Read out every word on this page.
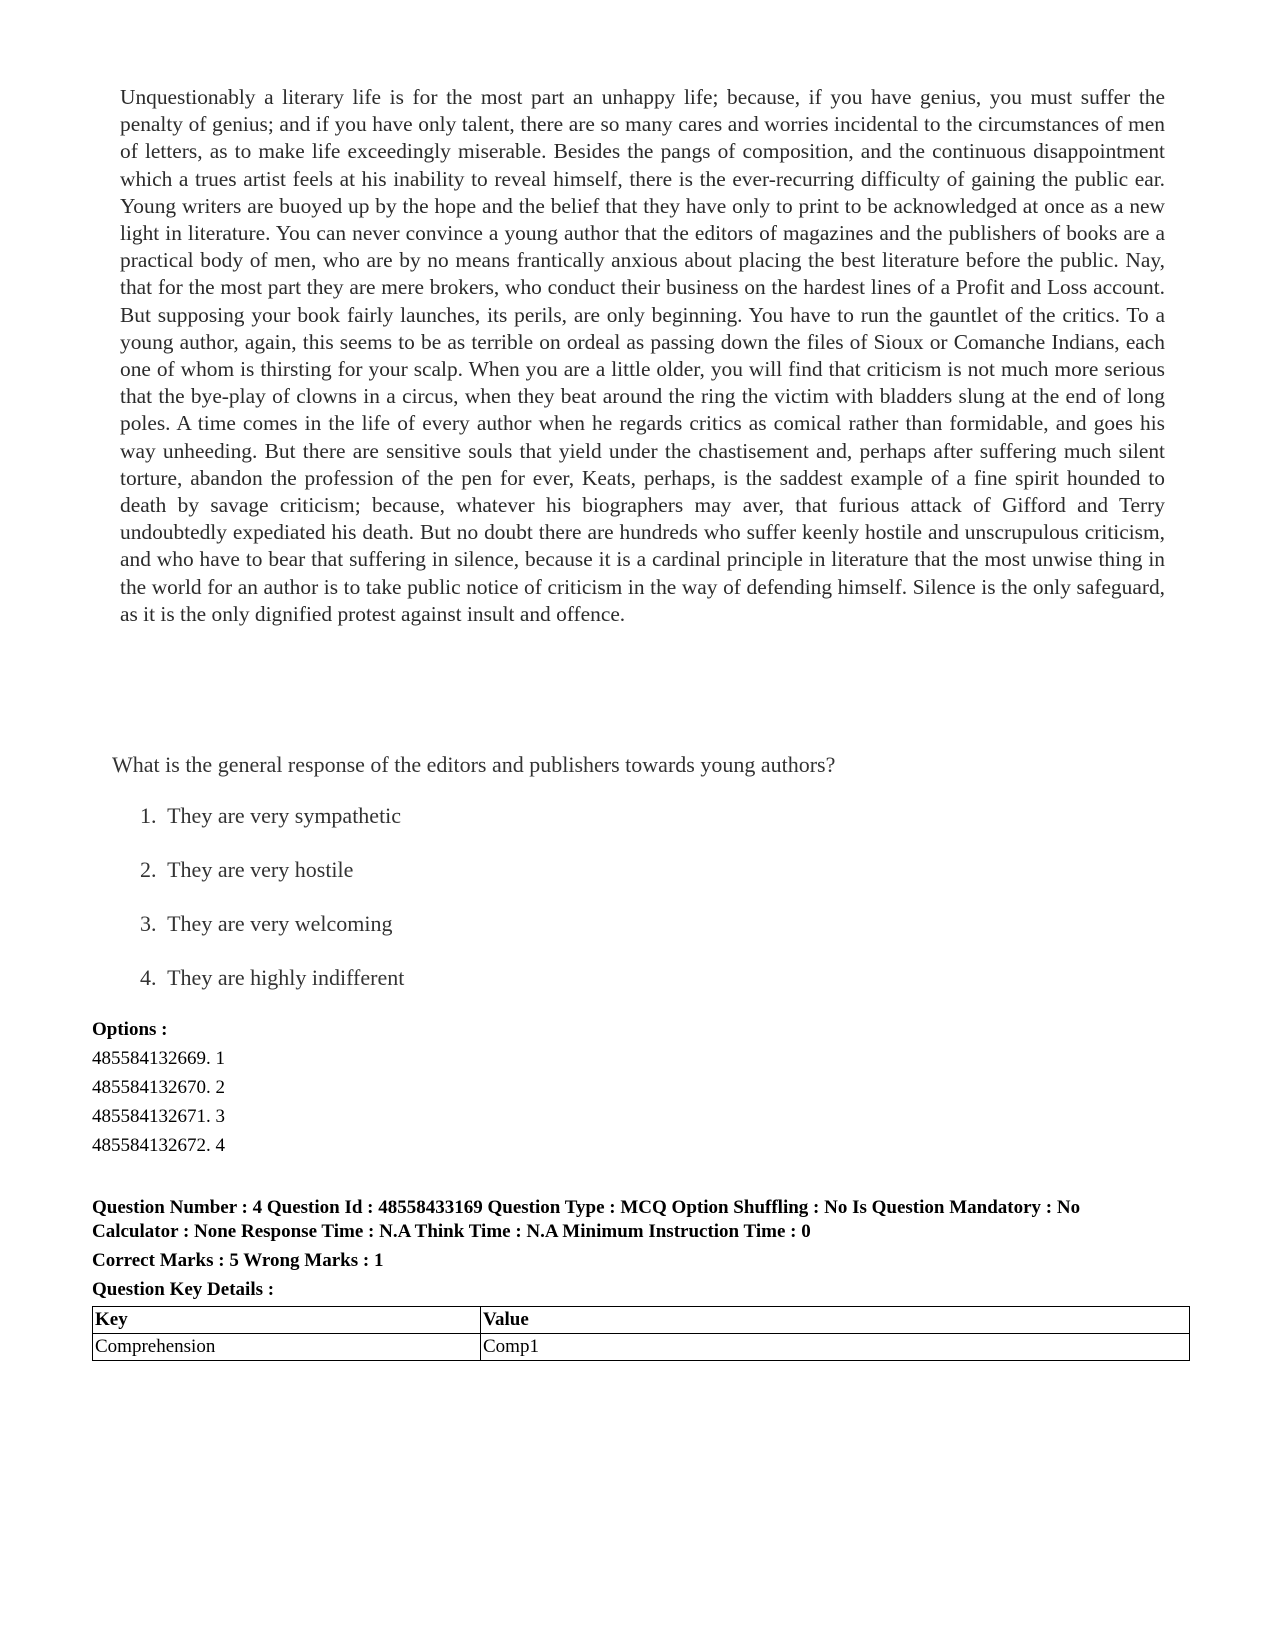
Unquestionably a literary life is for the most part an unhappy life; because, if you have genius, you must suffer the penalty of genius; and if you have only talent, there are so many cares and worries incidental to the circumstances of men of letters, as to make life exceedingly miserable. Besides the pangs of composition, and the continuous disappointment which a trues artist feels at his inability to reveal himself, there is the ever-recurring difficulty of gaining the public ear. Young writers are buoyed up by the hope and the belief that they have only to print to be acknowledged at once as a new light in literature. You can never convince a young author that the editors of magazines and the publishers of books are a practical body of men, who are by no means frantically anxious about placing the best literature before the public. Nay, that for the most part they are mere brokers, who conduct their business on the hardest lines of a Profit and Loss account. But supposing your book fairly launches, its perils, are only beginning. You have to run the gauntlet of the critics. To a young author, again, this seems to be as terrible on ordeal as passing down the files of Sioux or Comanche Indians, each one of whom is thirsting for your scalp. When you are a little older, you will find that criticism is not much more serious that the bye-play of clowns in a circus, when they beat around the ring the victim with bladders slung at the end of long poles. A time comes in the life of every author when he regards critics as comical rather than formidable, and goes his way unheeding. But there are sensitive souls that yield under the chastisement and, perhaps after suffering much silent torture, abandon the profession of the pen for ever, Keats, perhaps, is the saddest example of a fine spirit hounded to death by savage criticism; because, whatever his biographers may aver, that furious attack of Gifford and Terry undoubtedly expediated his death. But no doubt there are hundreds who suffer keenly hostile and unscrupulous criticism, and who have to bear that suffering in silence, because it is a cardinal principle in literature that the most unwise thing in the world for an author is to take public notice of criticism in the way of defending himself. Silence is the only safeguard, as it is the only dignified protest against insult and offence.

What is the general response of the editors and publishers towards young authors?

1. They are very sympathetic
2. They are very hostile
3. They are very welcoming
4. They are highly indifferent
Options :
485584132669. 1
485584132670. 2
485584132671. 3
485584132672. 4
Question Number : 4 Question Id : 48558433169 Question Type : MCQ Option Shuffling : No Is Question Mandatory : No
Calculator : None Response Time : N.A Think Time : N.A Minimum Instruction Time : 0
Correct Marks : 5 Wrong Marks : 1
Question Key Details :
Key	Value
Comprehension	Comp1
